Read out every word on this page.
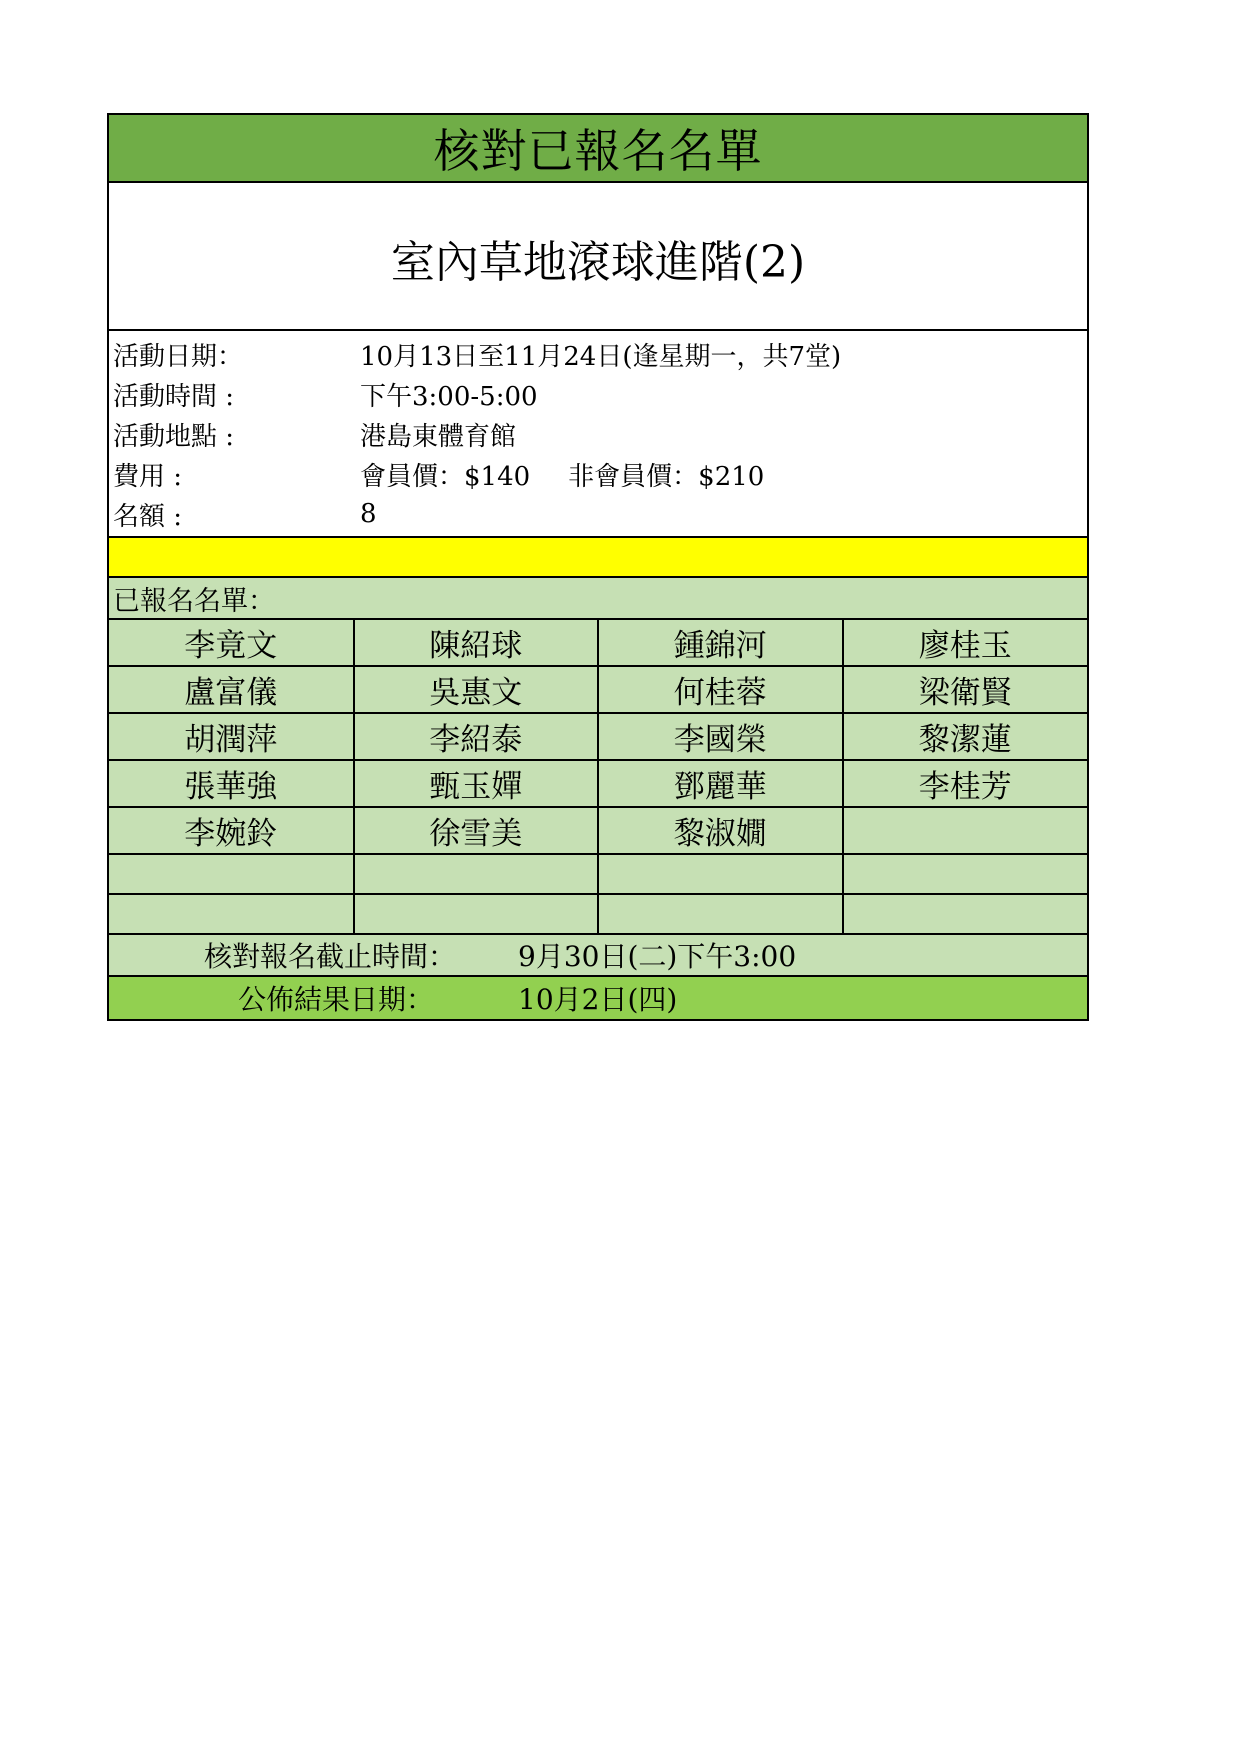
核對已報名名單
室內草地滾球進階(2)
活動日期：	10月13日至11月24日(逢星期一，共7堂)
活動時間 :	下午3:00-5:00
活動地點 :	港島東體育館
費用 :	會員價：$140 非會員價：$210
名額 :	8
已報名名單：
李竟文	陳紹球	鍾錦河	廖桂玉
盧富儀	吳惠文	何桂蓉	梁衛賢
胡潤萍	李紹泰	李國榮	黎潔蓮
張華強	甄玉嬋	鄧麗華	李桂芳
李婉鈴	徐雪美	黎淑嫺	

核對報名截止時間：	9月30日(二)下午3:00
公佈結果日期：	10月2日(四)
